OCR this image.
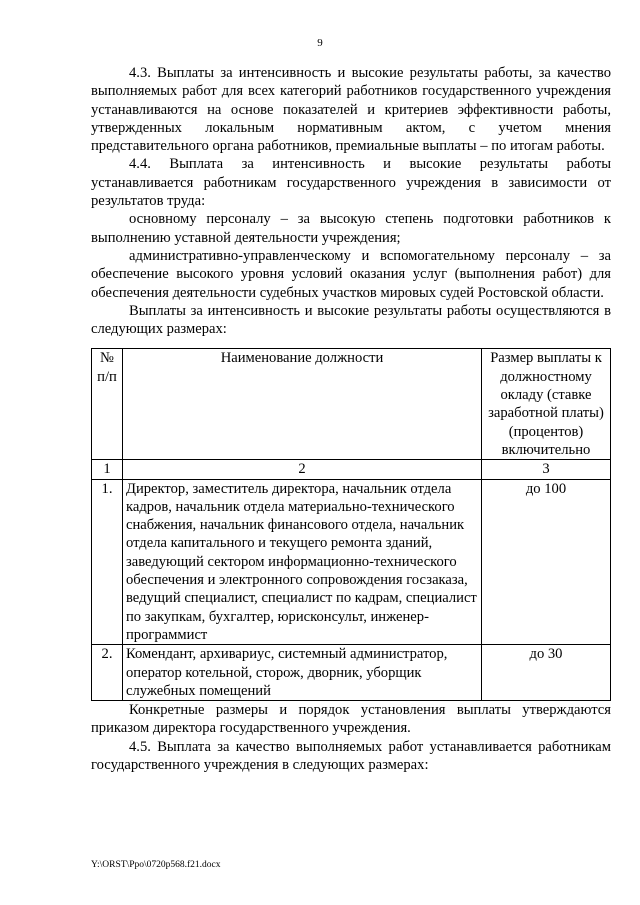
9

4.3. Выплаты за интенсивность и высокие результаты работы, за качество выполняемых работ для всех категорий работников государственного учреждения устанавливаются на основе показателей и критериев эффективности работы, утвержденных локальным нормативным актом, с учетом мнения представительного органа работников, премиальные выплаты – по итогам работы.

4.4. Выплата за интенсивность и высокие результаты работы устанавливается работникам государственного учреждения в зависимости от результатов труда:

основному персоналу – за высокую степень подготовки работников к выполнению уставной деятельности учреждения;

административно-управленческому и вспомогательному персоналу – за обеспечение высокого уровня условий оказания услуг (выполнения работ) для обеспечения деятельности судебных участков мировых судей Ростовской области.

Выплаты за интенсивность и высокие результаты работы осуществляются в следующих размерах:

№ п/п	Наименование должности	Размер выплаты к должностному окладу (ставке заработной платы) (процентов) включительно
1	2	3
1.	Директор, заместитель директора, начальник отдела кадров, начальник отдела материально-технического снабжения, начальник финансового отдела, начальник отдела капитального и текущего ремонта зданий, заведующий сектором информационно-технического обеспечения и электронного сопровождения госзаказа, ведущий специалист, специалист по кадрам, специалист по закупкам, бухгалтер, юрисконсульт, инженер-программист	до 100
2.	Комендант, архивариус, системный администратор, оператор котельной, сторож, дворник, уборщик служебных помещений	до 30

Конкретные размеры и порядок установления выплаты утверждаются приказом директора государственного учреждения.

4.5. Выплата за качество выполняемых работ устанавливается работникам государственного учреждения в следующих размерах:

Y:\ORST\Ppo\0720p568.f21.docx
